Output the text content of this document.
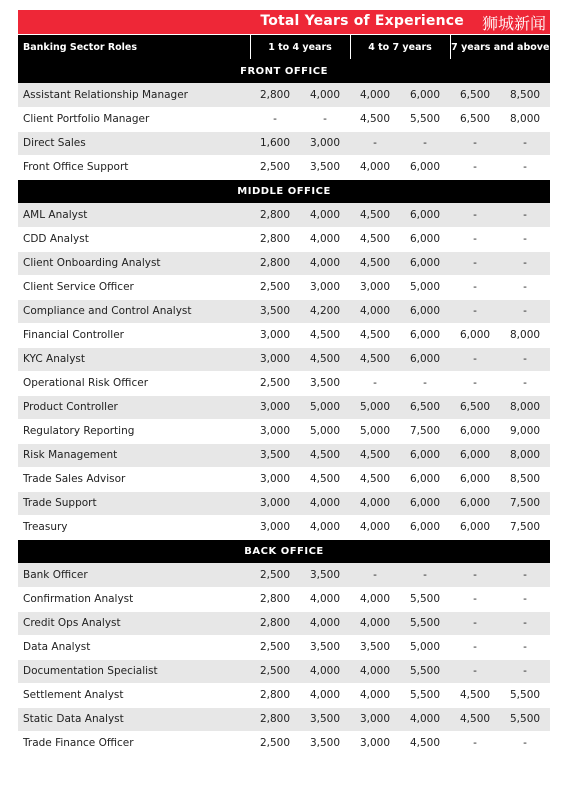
Total Years of Experience 狮城新闻
Banking Sector Roles	1 to 4 years		4 to 7 years		7 years and above	
FRONT OFFICE						
Assistant Relationship Manager	2,800	4,000	4,000	6,000	6,500	8,500
Client Portfolio Manager	-	-	4,500	5,500	6,500	8,000
Direct Sales	1,600	3,000	-	-	-	-
Front Office Support	2,500	3,500	4,000	6,000	-	-
MIDDLE OFFICE						
AML Analyst	2,800	4,000	4,500	6,000	-	-
CDD Analyst	2,800	4,000	4,500	6,000	-	-
Client Onboarding Analyst	2,800	4,000	4,500	6,000	-	-
Client Service Officer	2,500	3,000	3,000	5,000	-	-
Compliance and Control Analyst	3,500	4,200	4,000	6,000	-	-
Financial Controller	3,000	4,500	4,500	6,000	6,000	8,000
KYC Analyst	3,000	4,500	4,500	6,000	-	-
Operational Risk Officer	2,500	3,500	-	-	-	-
Product Controller	3,000	5,000	5,000	6,500	6,500	8,000
Regulatory Reporting	3,000	5,000	5,000	7,500	6,000	9,000
Risk Management	3,500	4,500	4,500	6,000	6,000	8,000
Trade Sales Advisor	3,000	4,500	4,500	6,000	6,000	8,500
Trade Support	3,000	4,000	4,000	6,000	6,000	7,500
Treasury	3,000	4,000	4,000	6,000	6,000	7,500
BACK OFFICE						
Bank Officer	2,500	3,500	-	-	-	-
Confirmation Analyst	2,800	4,000	4,000	5,500	-	-
Credit Ops Analyst	2,800	4,000	4,000	5,500	-	-
Data Analyst	2,500	3,500	3,500	5,000	-	-
Documentation Specialist	2,500	4,000	4,000	5,500	-	-
Settlement Analyst	2,800	4,000	4,000	5,500	4,500	5,500
Static Data Analyst	2,800	3,500	3,000	4,000	4,500	5,500
Trade Finance Officer	2,500	3,500	3,000	4,500	-	-
